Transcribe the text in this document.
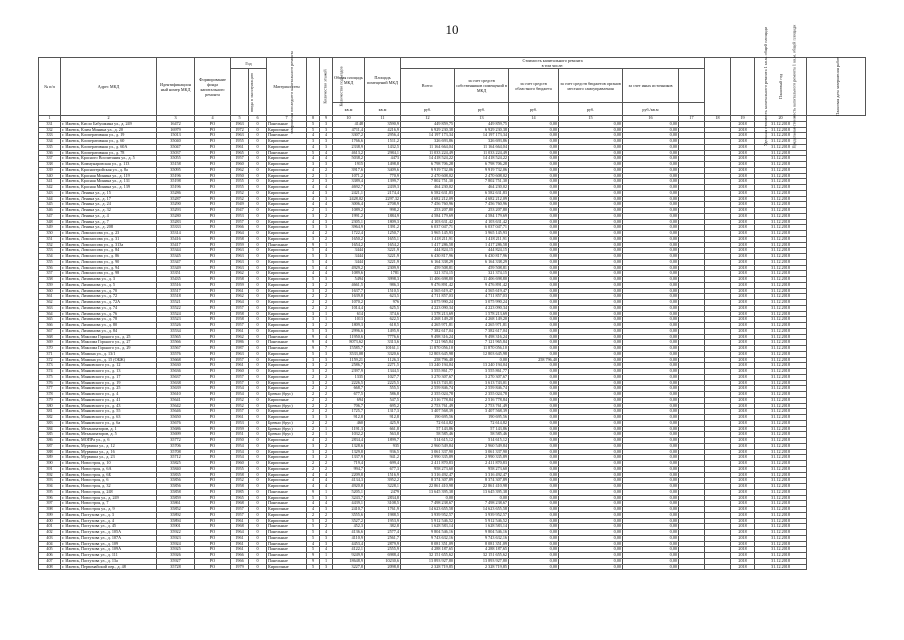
10
№ п/п	Адрес МКД	Идентификацион ный номер МКД	Формирование фонда капитального ремонта	Год		Материал стен	Количество этажей	Количество подъездов	Общая площадь МКД	Площадь помещений МКД	Стоимость капитального ремонта
в том числе:						Удельная стоимость капитального ремонта 1 кв.м. общей площади	Предельная стоимость капитального ремонта 1 кв.м. общей площади	Плановый год	Плановая дата завершения работ
				ввода в эксплуатацию	завершения последнего капитального ремонта						Всего:	за счет средств собственников помещений в МКД	за счет средств областного бюджета	за счет средств бюджетов органов местного самоуправления	за счет иных источников					
									кв.м	кв.м	руб.	руб.	руб.	руб.	руб./кв.м					
1	2	3	4	5	6	7	8	9	10	11	12	13	14	15	16	17	18	19	20	
331	г. Ижевск, Кисло Бабушкина ул., д. 249	16472	РО	1963	0	Панельные	5	3	4148	3590,9	449 859,75	449 859,75	0,00	0,00	0,00			2018	31.12.2018	
332	г. Ижевск, Клим Минина ул., д. 20	16979	РО	1972	0	Кирпичные	5	3	4711,4	4216,9	6 929 230,38	6 929 230,38	0,00	0,00	0,00			2018	31.12.2018	
333	г. Ижевск, Кооперативная ул., д. 19	15013	РО	1963	0	Панельные	4	4	3307,2	2956,4	14 197 173,34	14 197 173,34	0,00	0,00	0,00			2018	31.12.2018	
334	г. Ижевск, Кооперативная ул., д. 60	35040	РО	1955	0	Кирпичные	3	3	1766,6	1511,2	326 693,86	326 693,86	0,00	0,00	0,00			2018	31.12.2018	
335	г. Ижевск, Кооперативная ул., д. 60А	35047	РО	1961	0	Кирпичные	4	3	2338,9	1432,5	11 164 664,04	11 164 664,04	0,00	0,00	0,00			2018	31.12.2018	
336	г. Ижевск, Кооперативная ул., д. 78	35037	РО	1965	0	Панельные	5	4	4613,2	2984,1	11 033 224,49	11 033 224,49	0,00	0,00	0,00			2018	31.12.2018	
337	г. Ижевск, Красного Воспитания ул., д. 5	35055	РО	1957	0	Кирпичные	4	4	5038,2	4473	14 418 524,22	14 418 524,22	0,00	0,00	0,00			2018	31.12.2018	
338	г. Ижевск, Коммунаровская ул., д. 113	35158	РО	1960	0	Кирпичные	3	3	1915	1498,8	6 798 706,28	6 798 706,28	0,00	0,00	0,00			2018	31.12.2018	
339	г. Ижевск, Красногеройская ул., д. 8а	35095	РО	1962	0	Кирпичные	4	2	3917,6	3409,6	9 919 732,06	9 919 732,06	0,00	0,00	0,00			2018	31.12.2018	
340	г. Ижевск, Красная Минина ул., д. 119	35196	РО	1950	0	Кирпичные	2	1	1071,2	770,9	2 470 608,02	2 470 608,02	0,00	0,00	0,00			2018	31.12.2018	
341	г. Ижевск, Красная Минина ул., д. 131	35198	РО	1955	0	Кирпичные	2	3	3389,4	1399,7	7 802 751,30	7 802 751,30	0,00	0,00	0,00			2018	31.12.2018	
342	г. Ижевск, Красная Минина ул., д. 139	35196	РО	1955	0	Кирпичные	4	4	4692,7	2439,3	464 230,02	464 230,02	0,00	0,00	0,00			2018	31.12.2018	
343	г. Ижевск, Ленина ул., д. 15	35286	РО	1952	0	Кирпичные	4	3	2421,1	2174,4	6 582 631,83	6 582 631,83	0,00	0,00	0,00			2018	31.12.2018	
344	г. Ижевск, Ленина ул., д. 17	35287	РО	1952	0	Кирпичные	4	3	2428,02	2297,32	4 682 212,09	4 682 212,09	0,00	0,00	0,00			2018	31.12.2018	
345	г. Ижевск, Ленина ул., д. 24	35290	РО	1949	0	Кирпичные	4	4	3006,4	2708,9	7 456 760,96	7 456 760,96	0,00	0,00	0,00			2018	31.12.2018	
346	г. Ижевск, Ленина ул., д. 32	35293	РО	1947	0	Кирпичные	2	1	1089,2	998,2	253 207,80	253 207,80	0,00	0,00	0,00			2018	31.12.2018	
347	г. Ижевск, Ленина ул., д. 4	35280	РО	1953	0	Кирпичные	3	2	1991,2	1884,9	4 584 179,69	4 584 179,69	0,00	0,00	0,00			2018	31.12.2018	
348	г. Ижевск, Ленина ул., д. 7	35283	РО	1957	0	Кирпичные	4	3	2305,1	1809,3	4 103 631,42	4 103 631,42	0,00	0,00	0,00			2018	31.12.2018	
349	г. Ижевск, Ленина ул., д. 208	35333	РО	1966	0	Кирпичные	3	3	3964,9	1391,2	6 037 047,71	6 037 047,71	0,00	0,00	0,00			2018	31.12.2018	
350	г. Ижевск, Ломоносова ул., д. 23	35314	РО	1964	0	Кирпичные	4	2	1722,4	1250,7	3 965 145,93	3 965 145,93	0,00	0,00	0,00			2018	31.12.2018	
351	г. Ижевск, Ломоносова ул., д. 31	35416	РО	1958	0	Кирпичные	3	2	1650,2	1655,1	1 418 211,91	1 418 211,91	0,00	0,00	0,00			2018	31.12.2018	
352	г. Ижевск, Ломоносова ул., д. 313а	35417	РО	1959	0	Панельные	9	1	1654,2	1654,2	1 417 286,58	1 417 286,58	0,00	0,00	0,00			2018	31.12.2018	
353	г. Ижевск, Ломоносова ул., д. 84	35344	РО	1963	0	Кирпичные	5	4	3444	3221,9	444 824,15	444 824,15	0,00	0,00	0,00			2018	31.12.2018	
354	г. Ижевск, Ломоносова ул., д. 86	35345	РО	1963	0	Кирпичные	5	3	3444	3221,9	6 430 817,96	6 430 817,96	0,00	0,00	0,00			2018	31.12.2018	
355	г. Ижевск, Ломоносова ул., д. 90	35347	РО	1963	0	Кирпичные	5	4	3444	3221,9	6 164 338,29	6 164 338,29	0,00	0,00	0,00			2018	31.12.2018	
356	г. Ижевск, Ломоносова ул., д. 94	35349	РО	1963	0	Кирпичные	5	4	4929,2	2309,9	459 508,81	459 508,81	0,00	0,00	0,00			2018	31.12.2018	
357	г. Ижевск, Ломоносова ул., д. 98	35351	РО	1962	0	Кирпичные	4	4	1089,6	1781	321 374,15	321 374,15	0,00	0,00	0,00			2018	31.12.2018	
358	г. Ижевск, Лихвинова ул., д. 3	35435	РО	1958	0	Кирпичные	5	3	5494	3998,3	11 406 698,80	11 406 698,80	0,00	0,00	0,00			2018	31.12.2018	
359	г. Ижевск, Лихвинова ул., д. 5	35516	РО	1959	0	Кирпичные	3	2	4661,5	986,3	9 476 891,42	9 476 891,42	0,00	0,00	0,00			2018	31.12.2018	
360	г. Ижевск, Лихвинова ул., д. 70	35517	РО	1961	0	Кирпичные	3	2	1637,7	1510,5	4 565 619,47	4 565 619,47	0,00	0,00	0,00			2018	31.12.2018	
361	г. Ижевск, Лихвинова ул., д. 72	35518	РО	1962	0	Кирпичные	2	2	1639,8	623,5	4 711 857,03	4 711 857,03	0,00	0,00	0,00			2018	31.12.2018	
362	г. Ижевск, Лихвинова ул., д. 72А	35521	РО	1964	0	Кирпичные	2	2	1070,2	976	3 075 990,24	3 075 990,24	0,00	0,00	0,00			2018	31.12.2018	
363	г. Ижевск, Лихвинова ул., д. 74	35522	РО	1957	0	Кирпичные	2	2	1014,4	625,5	4 223 090,34	4 223 090,34	0,00	0,00	0,00			2018	31.12.2018	
364	г. Ижевск, Лихвинова ул., д. 76	35524	РО	1958	0	Кирпичные	3	1	614	374,6	1 578 213,69	1 578 213,69	0,00	0,00	0,00			2018	31.12.2018	
365	г. Ижевск, Лихвинова ул., д. 78	35523	РО	1958	0	Кирпичные	3	1	1013	622,5	4 268 149,20	4 268 149,20	0,00	0,00	0,00			2018	31.12.2018	
366	г. Ижевск, Лихвинова ул., д. 80	35526	РО	1957	0	Кирпичные	3	2	1809,3	618,5	4 265 971,81	4 265 971,81	0,00	0,00	0,00			2018	31.12.2018	
367	г. Ижевск, Лихвинова ул., д. 84	35534	РО	1961	0	Кирпичные	5	3	2996,6	1495,9	7 382 617,04	7 382 617,04	0,00	0,00	0,00			2018	31.12.2018	
368	г. Ижевск, Максима Горького ул., д. 25	35565	РО	1962	0	Панельные	9	4	11950,6	7776,6	9 498 316,24	9 498 316,24	0,00	0,00	0,00			2018	31.12.2018	
369	г. Ижевск, Максима Горького ул., д. 27	35566	РО	1986	0	Панельные	9	4	8073,62	3313,6	7 121 965,84	7 121 965,84	0,00	0,00	0,00			2018	31.12.2018	
370	г. Ижевск, Максима Горького ул., д. 29	35567	РО	1987	0	Панельные	9	7	15585,7	10161,1	11 870 056,10	11 870 056,10	0,00	0,00	0,00			2018	31.12.2018	
371	г. Ижевск, Мамина ул., д. 13/1	35576	РО	1963	0	Кирпичные	5	3	3533,08	3320,6	12 803 645,98	12 803 645,98	0,00	0,00	0,00			2018	31.12.2018	
372	г. Ижевск, Мамина ул., д. 15 (ОБЖ)	35668	РО	1957	0	Кирпичные	3	3	1159,21	1126,3	258 796,40	0,00	258 796,40	0,00	0,00			2018	31.12.2018	
373	г. Ижевск, Маяковского ул., д. 12	35630	РО	1961	0	Кирпичные	3	2	2586,7	2271,5	13 240 194,04	13 240 194,04	0,00	0,00	0,00			2018	31.12.2018	
374	г. Ижевск, Маяковского ул., д. 13	35636	РО	1960	0	Кирпичные	3	2	2397,9	1344,5	3 555 861,77	3 555 861,77	0,00	0,00	0,00			2018	31.12.2018	
375	г. Ижевск, Маяковского ул., д. 17	35637	РО	1957	0	Кирпичные	2	2	1335	1027,7	3 270 307,67	3 270 307,67	0,00	0,00	0,00			2018	31.12.2018	
376	г. Ижевск, Маяковского ул., д. 19	35638	РО	1957	0	Кирпичные	3	2	2226,5	2225,5	3 613 743,01	3 613 743,01	0,00	0,00	0,00			2018	31.12.2018	
377	г. Ижевск, Маяковского ул., д. 25	35639	РО	1954	0	Кирпичные	2	2	668,7	555,5	2 559 846,74	2 559 846,74	0,00	0,00	0,00			2018	31.12.2018	
378	г. Ижевск, Маяковского ул., д. 4	35610	РО	1954	0	Бревно (брус)	2	2	677,5	586,8	2 355 024,78	2 355 024,78	0,00	0,00	0,00			2018	31.12.2018	
379	г. Ижевск, Маяковского ул., д. 41	35641	РО	1952	0	Кирпичные	2	2	694	547,5	2 516 778,84	2 516 778,84	0,00	0,00	0,00			2018	31.12.2018	
380	г. Ижевск, Маяковского ул., д. 43	35642	РО	1952	0	Бревно (брус)	2	2	706,7	695,2	2 753 761,49	2 753 761,49	0,00	0,00	0,00			2018	31.12.2018	
381	г. Ижевск, Маяковского ул., д. 55	35646	РО	1957	0	Кирпичные	2	2	1725,7	1317,3	3 407 568,39	3 407 568,39	0,00	0,00	0,00			2018	31.12.2018	
382	г. Ижевск, Маяковского ул., д. 63	35650	РО	1961	0	Кирпичные	3	3	912,8	912,8	190 695,56	190 695,56	0,00	0,00	0,00			2018	31.12.2018	
383	г. Ижевск, Маяковского ул., д. 6а	35676	РО	1953	0	Бревно (брус)	2	2	460	425,9	72 614,82	72 614,82	0,00	0,00	0,00			2018	31.12.2018	
384	г. Ижевск, Механизаторов, д. 1	35686	РО	1959	0	Бревно (брус)	2	1	1191,3	661,8	57 143,86	57 143,86	0,00	0,00	0,00			2018	31.12.2018	
385	г. Ижевск, Механизаторов, д. 5	35699	РО	1951	0	Бревно (брус)	2	1	1032,2	563,8	58 585,46	58 585,46	0,00	0,00	0,00			2018	31.12.2018	
386	г. Ижевск, МОПРа ул., д. 6	35772	РО	1950	0	Кирпичные	4	2	2834,4	1899,7	514 615,12	514 615,12	0,00	0,00	0,00			2018	31.12.2018	
387	г. Ижевск, Мурвиша ул., д. 12	35706	РО	1954	0	Кирпичные	3	2	1328,6	935	2 960 549,84	2 960 549,84	0,00	0,00	0,00			2018	31.12.2018	
388	г. Ижевск, Мурвиша ул., д. 16	35708	РО	1954	0	Кирпичные	3	2	1329,8	936,5	3 061 337,90	3 061 337,90	0,00	0,00	0,00			2018	31.12.2018	
389	г. Ижевск, Мурвиша ул., д. 23	35712	РО	1954	0	Кирпичные	3	2	1337,9	941,2	2 990 335,89	2 990 335,89	0,00	0,00	0,00			2018	31.12.2018	
390	г. Ижевск, Новостроя, д. 10	35825	РО	1960	0	Кирпичные	2	2	719,4	699,4	2 411 870,83	2 411 870,83	0,00	0,00	0,00			2018	31.12.2018	
391	г. Ижевск, Новостроя, д. 6А	35840	РО	1955	0	Кирпичные	2	2	994,7	677,3	958 273,60	958 273,60	0,00	0,00	0,00			2018	31.12.2018	
392	г. Ижевск, Новостроя, д. 6Б	35835	РО	1958	0	Кирпичные	4	4	2209,8	1516,9	3 316 492,47	3 316 492,47	0,00	0,00	0,00			2018	31.12.2018	
393	г. Ижевск, Новостроя, д. 6	35856	РО	1952	0	Кирпичные	4	4	4134,3	3952,2	8 374 307,89	8 374 307,89	0,00	0,00	0,00			2018	31.12.2018	
394	г. Ижевск, Новостроя, д. 32	35856	РО	1958	0	Кирпичные	4	4	4920,8	3228,1	22 861 410,98	22 861 410,98	0,00	0,00	0,00			2018	31.12.2018	
395	г. Ижевск, Новостроя, д. 248	35858	РО	1985	0	Панельные	9	1	5205,1	2479	13 645 395,38	13 645 395,38	0,00	0,00	0,00			2018	31.12.2018	
396	г. Ижевск, Новостроя ул., д. 249	35859	РО	1965	0	Кирпичные	5	3	3243,7	2834,8	0,00	0,00	0,00	0,00	0,00			2018	31.12.2018	
397	г. Ижевск, Новостроя, д. 7	35861	РО	1968	0	Панельные	4	4	4439,1	3108,5	7 498 238,67	7 498 238,67	0,00	0,00	0,00			2018	31.12.2018	
398	г. Ижевск, Новостроя ул., д. 9	35852	РО	1957	0	Кирпичные	4	3	2410,7	1761,9	14 623 655,58	14 623 655,58	0,00	0,00	0,00			2018	31.12.2018	
399	г. Ижевск, Пастухова ул., д. 3	35892	РО	1957	0	Кирпичные	2	2	3555,6	1988,5	3 939 952,57	3 939 952,57	0,00	0,00	0,00			2018	31.12.2018	
400	г. Ижевск, Пастухова ул., д. 4	35894	РО	1961	0	Кирпичные	5	2	3527,2	1953,9	5 912 546,52	5 912 546,52	0,00	0,00	0,00			2018	31.12.2018	
401	г. Ижевск, Пастухова ул., д. 45	35901	РО	1968	0	Панельные	5	2	452,3	382,8	1 628 583,14	1 628 583,14	0,00	0,00	0,00			2018	31.12.2018	
402	г. Ижевск, Пастухова ул., д. 105А	35922	РО	1964	0	Панельные	5	4	4136,6	2577,4	9 804 546,16	9 804 546,16	0,00	0,00	0,00			2018	31.12.2018	
403	г. Ижевск, Пастухова ул., д. 107А	35923	РО	1961	0	Панельные	5	3	4110,9	2561,7	9 743 632,16	9 743 632,16	0,00	0,00	0,00			2018	31.12.2018	
404	г. Ижевск, Пастухова ул., д. 109	35924	РО	1961	0	Панельные	4	3	4453,4	2879,9	8 081 351,09	8 081 351,09	0,00	0,00	0,00			2018	31.12.2018	
405	г. Ижевск, Пастухова ул., д. 109А	35925	РО	1961	0	Панельные	5	4	4122,1	2555,9	4 288 187,65	4 288 187,65	0,00	0,00	0,00			2018	31.12.2018	
406	г. Ижевск, Пастухова ул., д. 111	35926	РО	1966	0	Панельные	9	1	9249,9	6988,4	32 151 655,62	32 151 655,62	0,00	0,00	0,00			2018	31.12.2018	
407	г. Ижевск, Пастухова ул., д. 13а	35927	РО	1966	0	Панельные	9	1	18648,9	10230,6	13 893 927,80	13 893 927,80	0,00	0,00	0,00			2018	31.12.2018	
408	г. Ижевск, Первомайский пер., д. 48	35728	РО	1979	0	Кирпичные	5	3	3227,8	2098,8	2 328 719,85	2 328 719,85	0,00	0,00	0,00			2018	31.12.2018	
